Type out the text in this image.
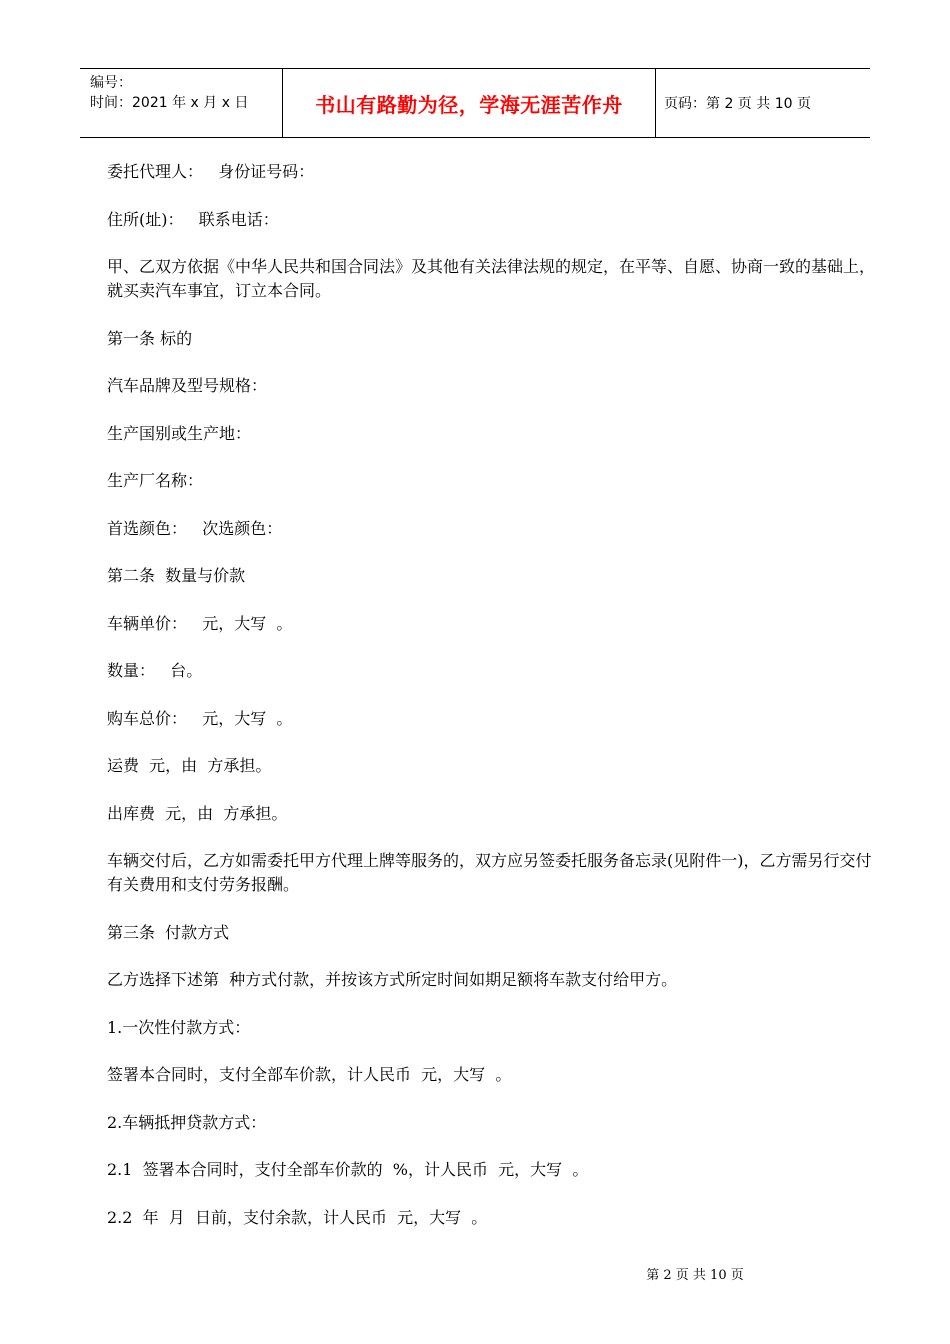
编号：
时间：2021 年 x 月 x 日	书山有路勤为径，学海无涯苦作舟	页码：第 2 页 共 10 页

委托代理人：   身份证号码：

住所(址)：   联系电话：

甲、乙双方依据《中华人民共和国合同法》及其他有关法律法规的规定，在平等、自愿、协商一致的基础上，就买卖汽车事宜，订立本合同。

第一条 标的

汽车品牌及型号规格：

生产国别或生产地：

生产厂名称：

首选颜色：   次选颜色：

第二条  数量与价款

车辆单价：   元，大写  。

数量：   台。

购车总价：   元，大写  。

运费  元，由  方承担。

出库费  元，由  方承担。

车辆交付后，乙方如需委托甲方代理上牌等服务的，双方应另签委托服务备忘录(见附件一)，乙方需另行交付有关费用和支付劳务报酬。

第三条  付款方式

乙方选择下述第  种方式付款，并按该方式所定时间如期足额将车款支付给甲方。

1.一次性付款方式：

签署本合同时，支付全部车价款，计人民币  元，大写  。

2.车辆抵押贷款方式：

2.1  签署本合同时，支付全部车价款的  %，计人民币  元，大写  。

2.2  年  月  日前，支付余款，计人民币  元，大写  。

第 2 页 共 10 页
